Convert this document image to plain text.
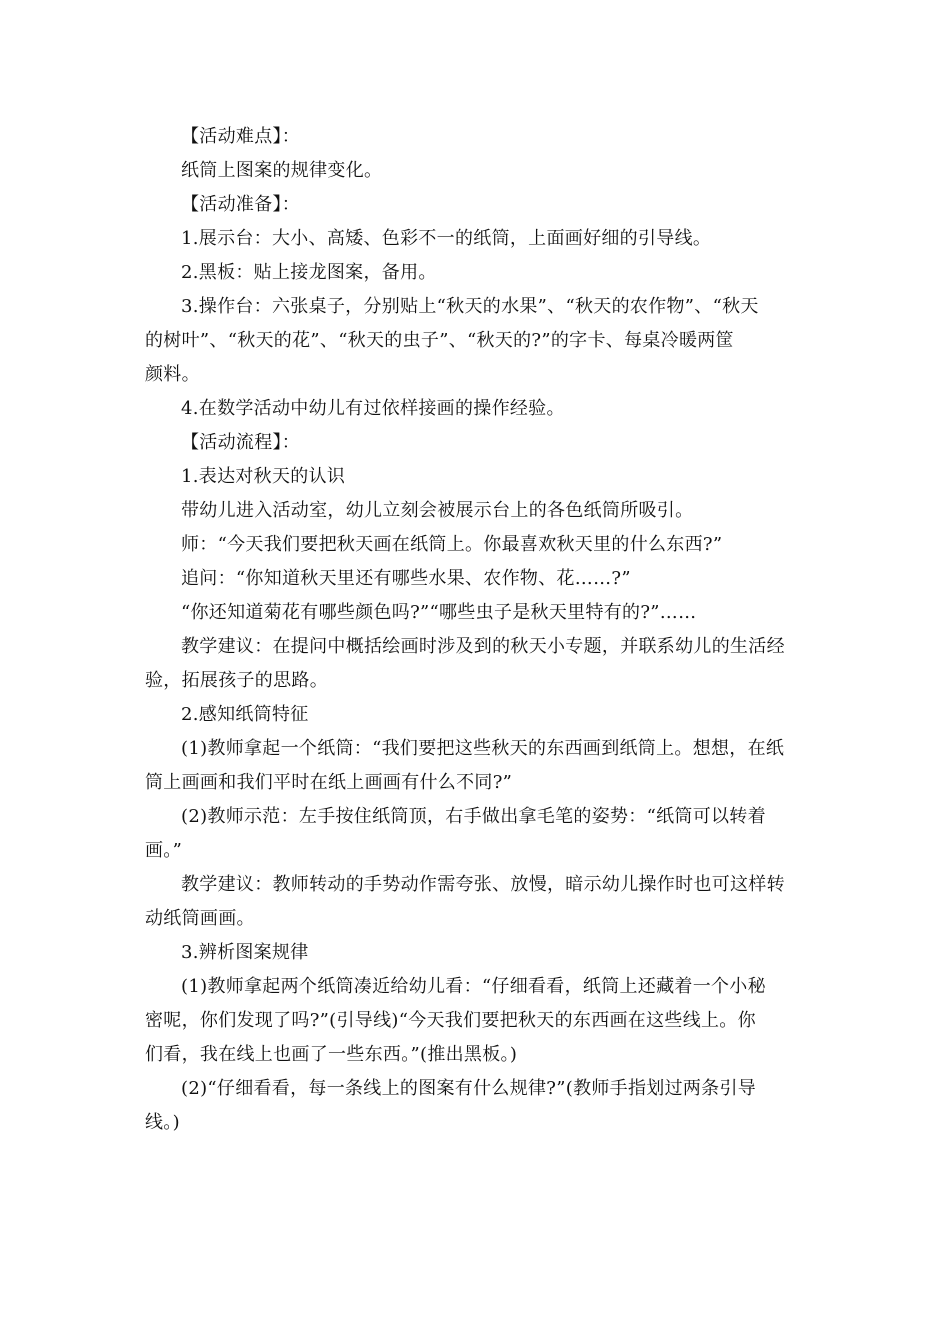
【活动难点】：

纸筒上图案的规律变化。

【活动准备】：

1.展示台：大小、高矮、色彩不一的纸筒，上面画好细的引导线。

2.黑板：贴上接龙图案，备用。

3.操作台：六张桌子，分别贴上“秋天的水果”、“秋天的农作物”、“秋天

的树叶”、“秋天的花”、“秋天的虫子”、“秋天的?”的字卡、每桌冷暖两筐

颜料。

4.在数学活动中幼儿有过依样接画的操作经验。

【活动流程】：

1.表达对秋天的认识

带幼儿进入活动室，幼儿立刻会被展示台上的各色纸筒所吸引。

师：“今天我们要把秋天画在纸筒上。你最喜欢秋天里的什么东西?”

追问：“你知道秋天里还有哪些水果、农作物、花……?”

“你还知道菊花有哪些颜色吗?”“哪些虫子是秋天里特有的?”……

教学建议：在提问中概括绘画时涉及到的秋天小专题，并联系幼儿的生活经

验，拓展孩子的思路。

2.感知纸筒特征

(1)教师拿起一个纸筒：“我们要把这些秋天的东西画到纸筒上。想想，在纸

筒上画画和我们平时在纸上画画有什么不同?”

(2)教师示范：左手按住纸筒顶，右手做出拿毛笔的姿势：“纸筒可以转着

画。”

教学建议：教师转动的手势动作需夸张、放慢，暗示幼儿操作时也可这样转

动纸筒画画。

3.辨析图案规律

(1)教师拿起两个纸筒凑近给幼儿看：“仔细看看，纸筒上还藏着一个小秘

密呢，你们发现了吗?”(引导线)“今天我们要把秋天的东西画在这些线上。你

们看，我在线上也画了一些东西。”(推出黑板。)

(2)“仔细看看，每一条线上的图案有什么规律?”(教师手指划过两条引导

线。)
